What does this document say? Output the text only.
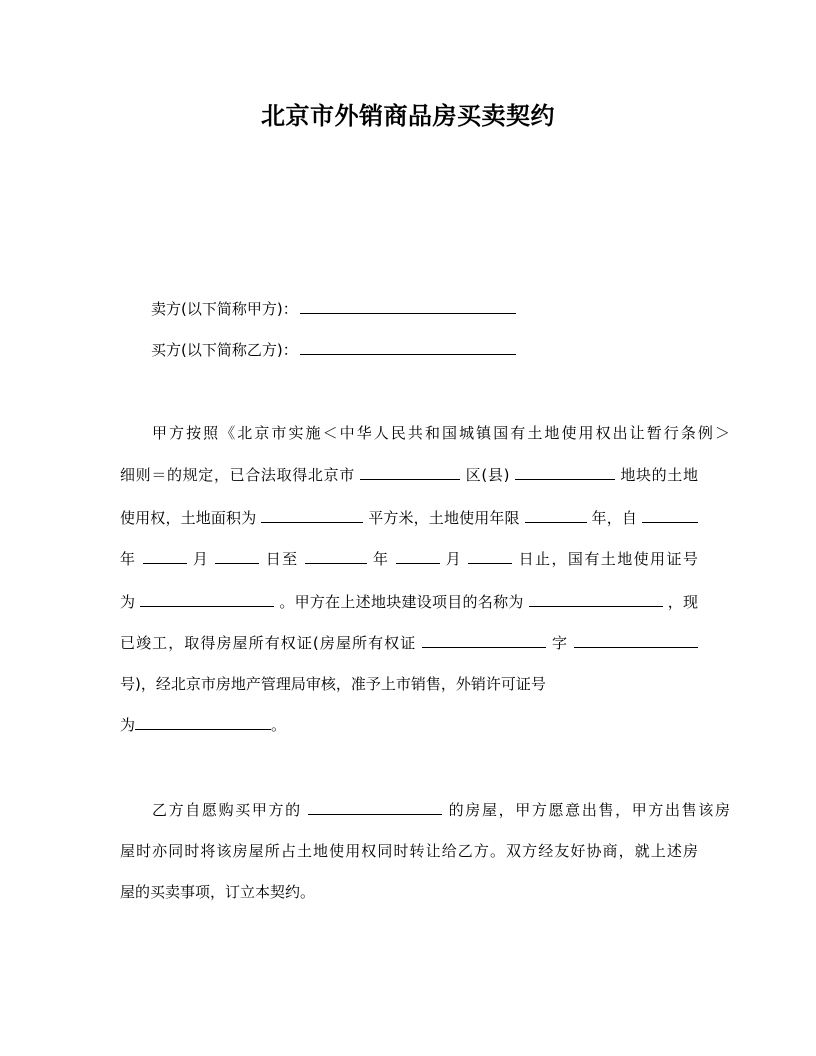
北京市外销商品房买卖契约
卖方(以下简称甲方)：
买方(以下简称乙方)：
甲方按照《北京市实施＜中华人民共和国城镇国有土地使用权出让暂行条例＞
细则＝的规定，已合法取得北京市	区(县)	地块的土地
使用权，土地面积为	平方米，土地使用年限	年，自
年	月	日至	年	月	日止，国有土地使用证号
为	。甲方在上述地块建设项目的名称为	，现
已竣工，取得房屋所有权证(房屋所有权证	字
号)，经北京市房地产管理局审核，准予上市销售，外销许可证号
为	。
乙方自愿购买甲方的	的房屋，甲方愿意出售，甲方出售该房
屋时亦同时将该房屋所占土地使用权同时转让给乙方。双方经友好协商，就上述房
屋的买卖事项，订立本契约。
